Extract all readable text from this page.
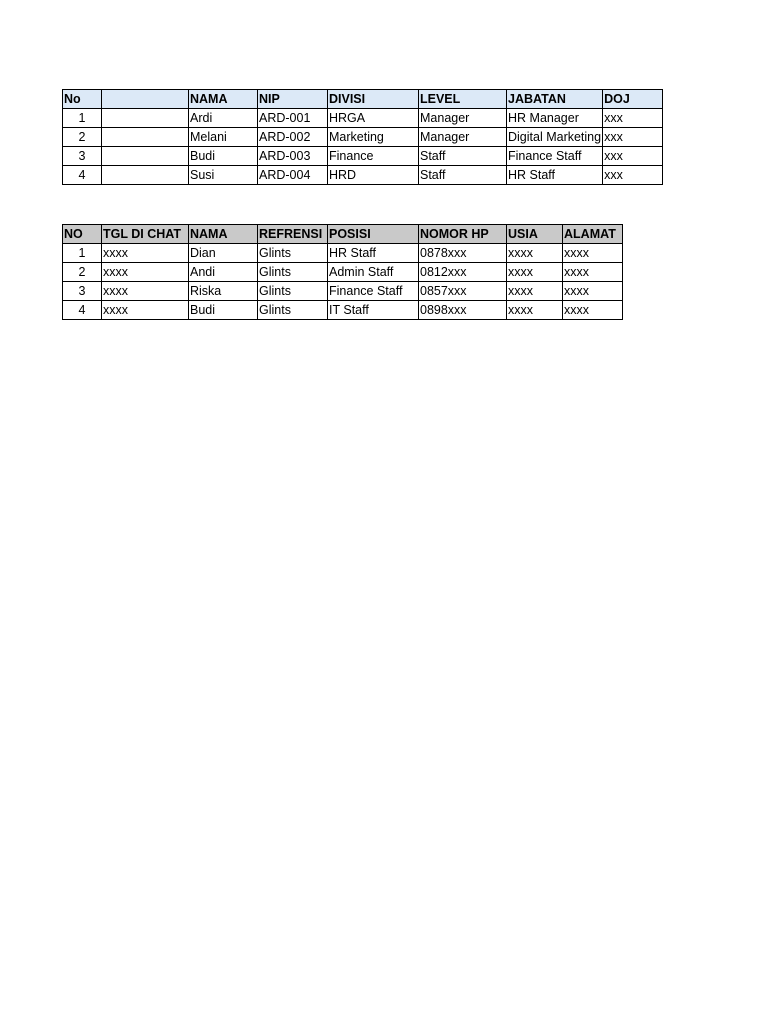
No		NAMA	NIP	DIVISI	LEVEL	JABATAN	DOJ
1		Ardi	ARD-001	HRGA	Manager	HR Manager	xxx
2		Melani	ARD-002	Marketing	Manager	Digital Marketing	xxx
3		Budi	ARD-003	Finance	Staff	Finance Staff	xxx
4		Susi	ARD-004	HRD	Staff	HR Staff	xxx
NO	TGL DI CHAT	NAMA	REFRENSI	POSISI	NOMOR HP	USIA	ALAMAT
1	xxxx	Dian	Glints	HR Staff	0878xxx	xxxx	xxxx
2	xxxx	Andi	Glints	Admin Staff	0812xxx	xxxx	xxxx
3	xxxx	Riska	Glints	Finance Staff	0857xxx	xxxx	xxxx
4	xxxx	Budi	Glints	IT Staff	0898xxx	xxxx	xxxx
